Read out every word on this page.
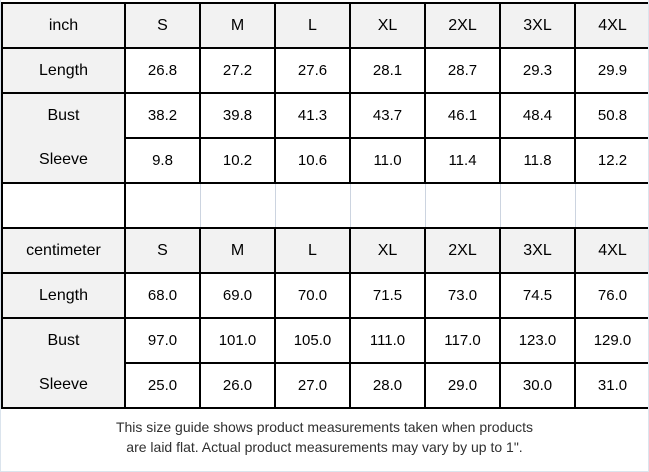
inch	S	M	L	XL	2XL	3XL	4XL
Length	26.8	27.2	27.6	28.1	28.7	29.3	29.9
Bust	38.2	39.8	41.3	43.7	46.1	48.4	50.8
Sleeve	9.8	10.2	10.6	11.0	11.4	11.8	12.2

centimeter	S	M	L	XL	2XL	3XL	4XL
Length	68.0	69.0	70.0	71.5	73.0	74.5	76.0
Bust	97.0	101.0	105.0	111.0	117.0	123.0	129.0
Sleeve	25.0	26.0	27.0	28.0	29.0	30.0	31.0
This size guide shows product measurements taken when products
are laid flat. Actual product measurements may vary by up to 1".
